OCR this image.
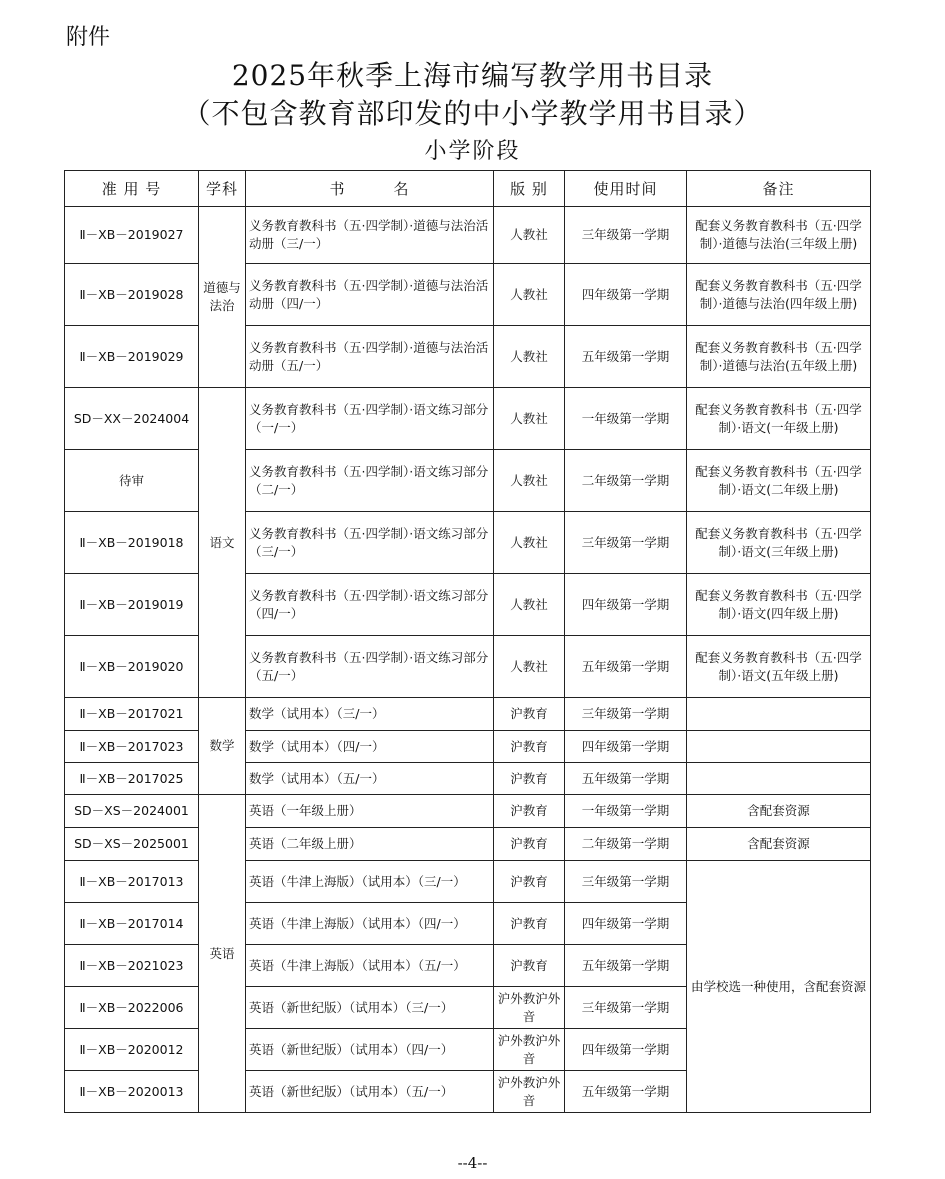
附件
2025年秋季上海市编写教学用书目录
（不包含教育部印发的中小学教学用书目录）
小学阶段
准 用 号	学科	书　　　名	版 别	使用时间	备注
Ⅱ－XB－2019027	道德与法治	义务教育教科书（五·四学制）·道德与法治活动册（三/一）	人教社	三年级第一学期	配套义务教育教科书（五·四学制）·道德与法治(三年级上册)
Ⅱ－XB－2019028		义务教育教科书（五·四学制）·道德与法治活动册（四/一）	人教社	四年级第一学期	配套义务教育教科书（五·四学制）·道德与法治(四年级上册)
Ⅱ－XB－2019029		义务教育教科书（五·四学制）·道德与法治活动册（五/一）	人教社	五年级第一学期	配套义务教育教科书（五·四学制）·道德与法治(五年级上册)
SD－XX－2024004	语文	义务教育教科书（五·四学制）·语文练习部分（一/一）	人教社	一年级第一学期	配套义务教育教科书（五·四学制）·语文(一年级上册)
待审		义务教育教科书（五·四学制）·语文练习部分（二/一）	人教社	二年级第一学期	配套义务教育教科书（五·四学制）·语文(二年级上册)
Ⅱ－XB－2019018		义务教育教科书（五·四学制）·语文练习部分（三/一）	人教社	三年级第一学期	配套义务教育教科书（五·四学制）·语文(三年级上册)
Ⅱ－XB－2019019		义务教育教科书（五·四学制）·语文练习部分（四/一）	人教社	四年级第一学期	配套义务教育教科书（五·四学制）·语文(四年级上册)
Ⅱ－XB－2019020		义务教育教科书（五·四学制）·语文练习部分（五/一）	人教社	五年级第一学期	配套义务教育教科书（五·四学制）·语文(五年级上册)
Ⅱ－XB－2017021	数学	数学（试用本）（三/一）	沪教育	三年级第一学期	
Ⅱ－XB－2017023		数学（试用本）（四/一）	沪教育	四年级第一学期	
Ⅱ－XB－2017025		数学（试用本）（五/一）	沪教育	五年级第一学期	
SD－XS－2024001	英语	英语（一年级上册）	沪教育	一年级第一学期	含配套资源
SD－XS－2025001		英语（二年级上册）	沪教育	二年级第一学期	含配套资源
Ⅱ－XB－2017013		英语（牛津上海版）（试用本）（三/一）	沪教育	三年级第一学期	由学校选一种使用，含配套资源
Ⅱ－XB－2017014		英语（牛津上海版）（试用本）（四/一）	沪教育	四年级第一学期	
Ⅱ－XB－2021023		英语（牛津上海版）（试用本）（五/一）	沪教育	五年级第一学期	
Ⅱ－XB－2022006		英语（新世纪版）（试用本）（三/一）	沪外教沪外音	三年级第一学期	
Ⅱ－XB－2020012		英语（新世纪版）（试用本）（四/一）	沪外教沪外音	四年级第一学期	
Ⅱ－XB－2020013		英语（新世纪版）（试用本）（五/一）	沪外教沪外音	五年级第一学期	
--4--
